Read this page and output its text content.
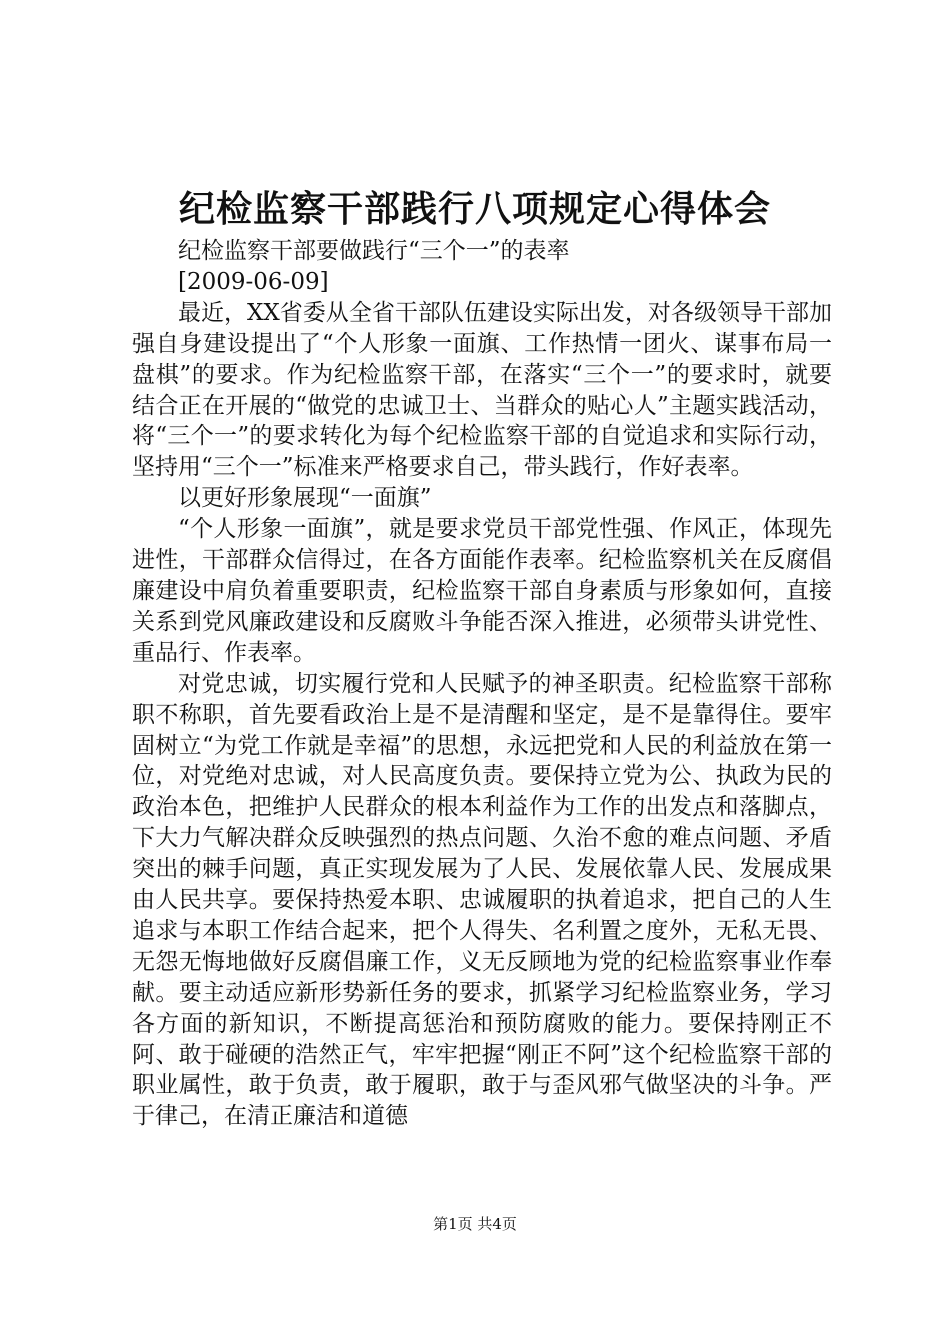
纪检监察干部践行八项规定心得体会

纪检监察干部要做践行“三个一”的表率

[2009-06-09]

最近，XX省委从全省干部队伍建设实际出发，对各级领导干部加强自身建设提出了“个人形象一面旗、工作热情一团火、谋事布局一盘棋”的要求。作为纪检监察干部，在落实“三个一”的要求时，就要结合正在开展的“做党的忠诚卫士、当群众的贴心人”主题实践活动，将“三个一”的要求转化为每个纪检监察干部的自觉追求和实际行动，坚持用“三个一”标准来严格要求自己，带头践行，作好表率。

以更好形象展现“一面旗”

“个人形象一面旗”，就是要求党员干部党性强、作风正，体现先进性，干部群众信得过，在各方面能作表率。纪检监察机关在反腐倡廉建设中肩负着重要职责，纪检监察干部自身素质与形象如何，直接关系到党风廉政建设和反腐败斗争能否深入推进，必须带头讲党性、重品行、作表率。

对党忠诚，切实履行党和人民赋予的神圣职责。纪检监察干部称职不称职，首先要看政治上是不是清醒和坚定，是不是靠得住。要牢固树立“为党工作就是幸福”的思想，永远把党和人民的利益放在第一位，对党绝对忠诚，对人民高度负责。要保持立党为公、执政为民的政治本色，把维护人民群众的根本利益作为工作的出发点和落脚点，下大力气解决群众反映强烈的热点问题、久治不愈的难点问题、矛盾突出的棘手问题，真正实现发展为了人民、发展依靠人民、发展成果由人民共享。要保持热爱本职、忠诚履职的执着追求，把自己的人生追求与本职工作结合起来，把个人得失、名利置之度外，无私无畏、无怨无悔地做好反腐倡廉工作，义无反顾地为党的纪检监察事业作奉献。要主动适应新形势新任务的要求，抓紧学习纪检监察业务，学习各方面的新知识，不断提高惩治和预防腐败的能力。要保持刚正不阿、敢于碰硬的浩然正气，牢牢把握“刚正不阿”这个纪检监察干部的职业属性，敢于负责，敢于履职，敢于与歪风邪气做坚决的斗争。严于律己，在清正廉洁和道德

第1页 共4页
